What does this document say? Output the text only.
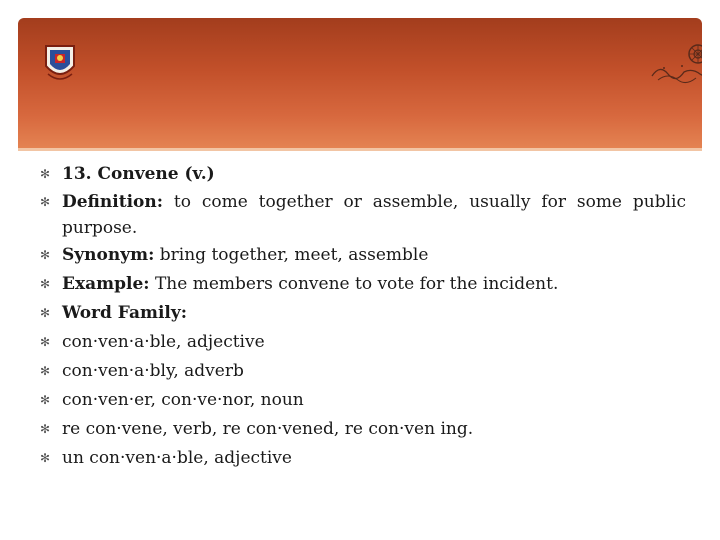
✻ 13. Convene (v.)
✻ Definition: to come together or assemble, usually for some public purpose.
✻ Synonym: bring together, meet, assemble
✻ Example: The members convene to vote for the incident.
✻ Word Family:
✻ con·ven·a·ble, adjective
✻ con·ven·a·bly, adverb
✻ con·ven·er, con·ve·nor, noun
✻ re con·vene, verb, re con·vened, re con·ven ing.
✻ un con·ven·a·ble, adjective
